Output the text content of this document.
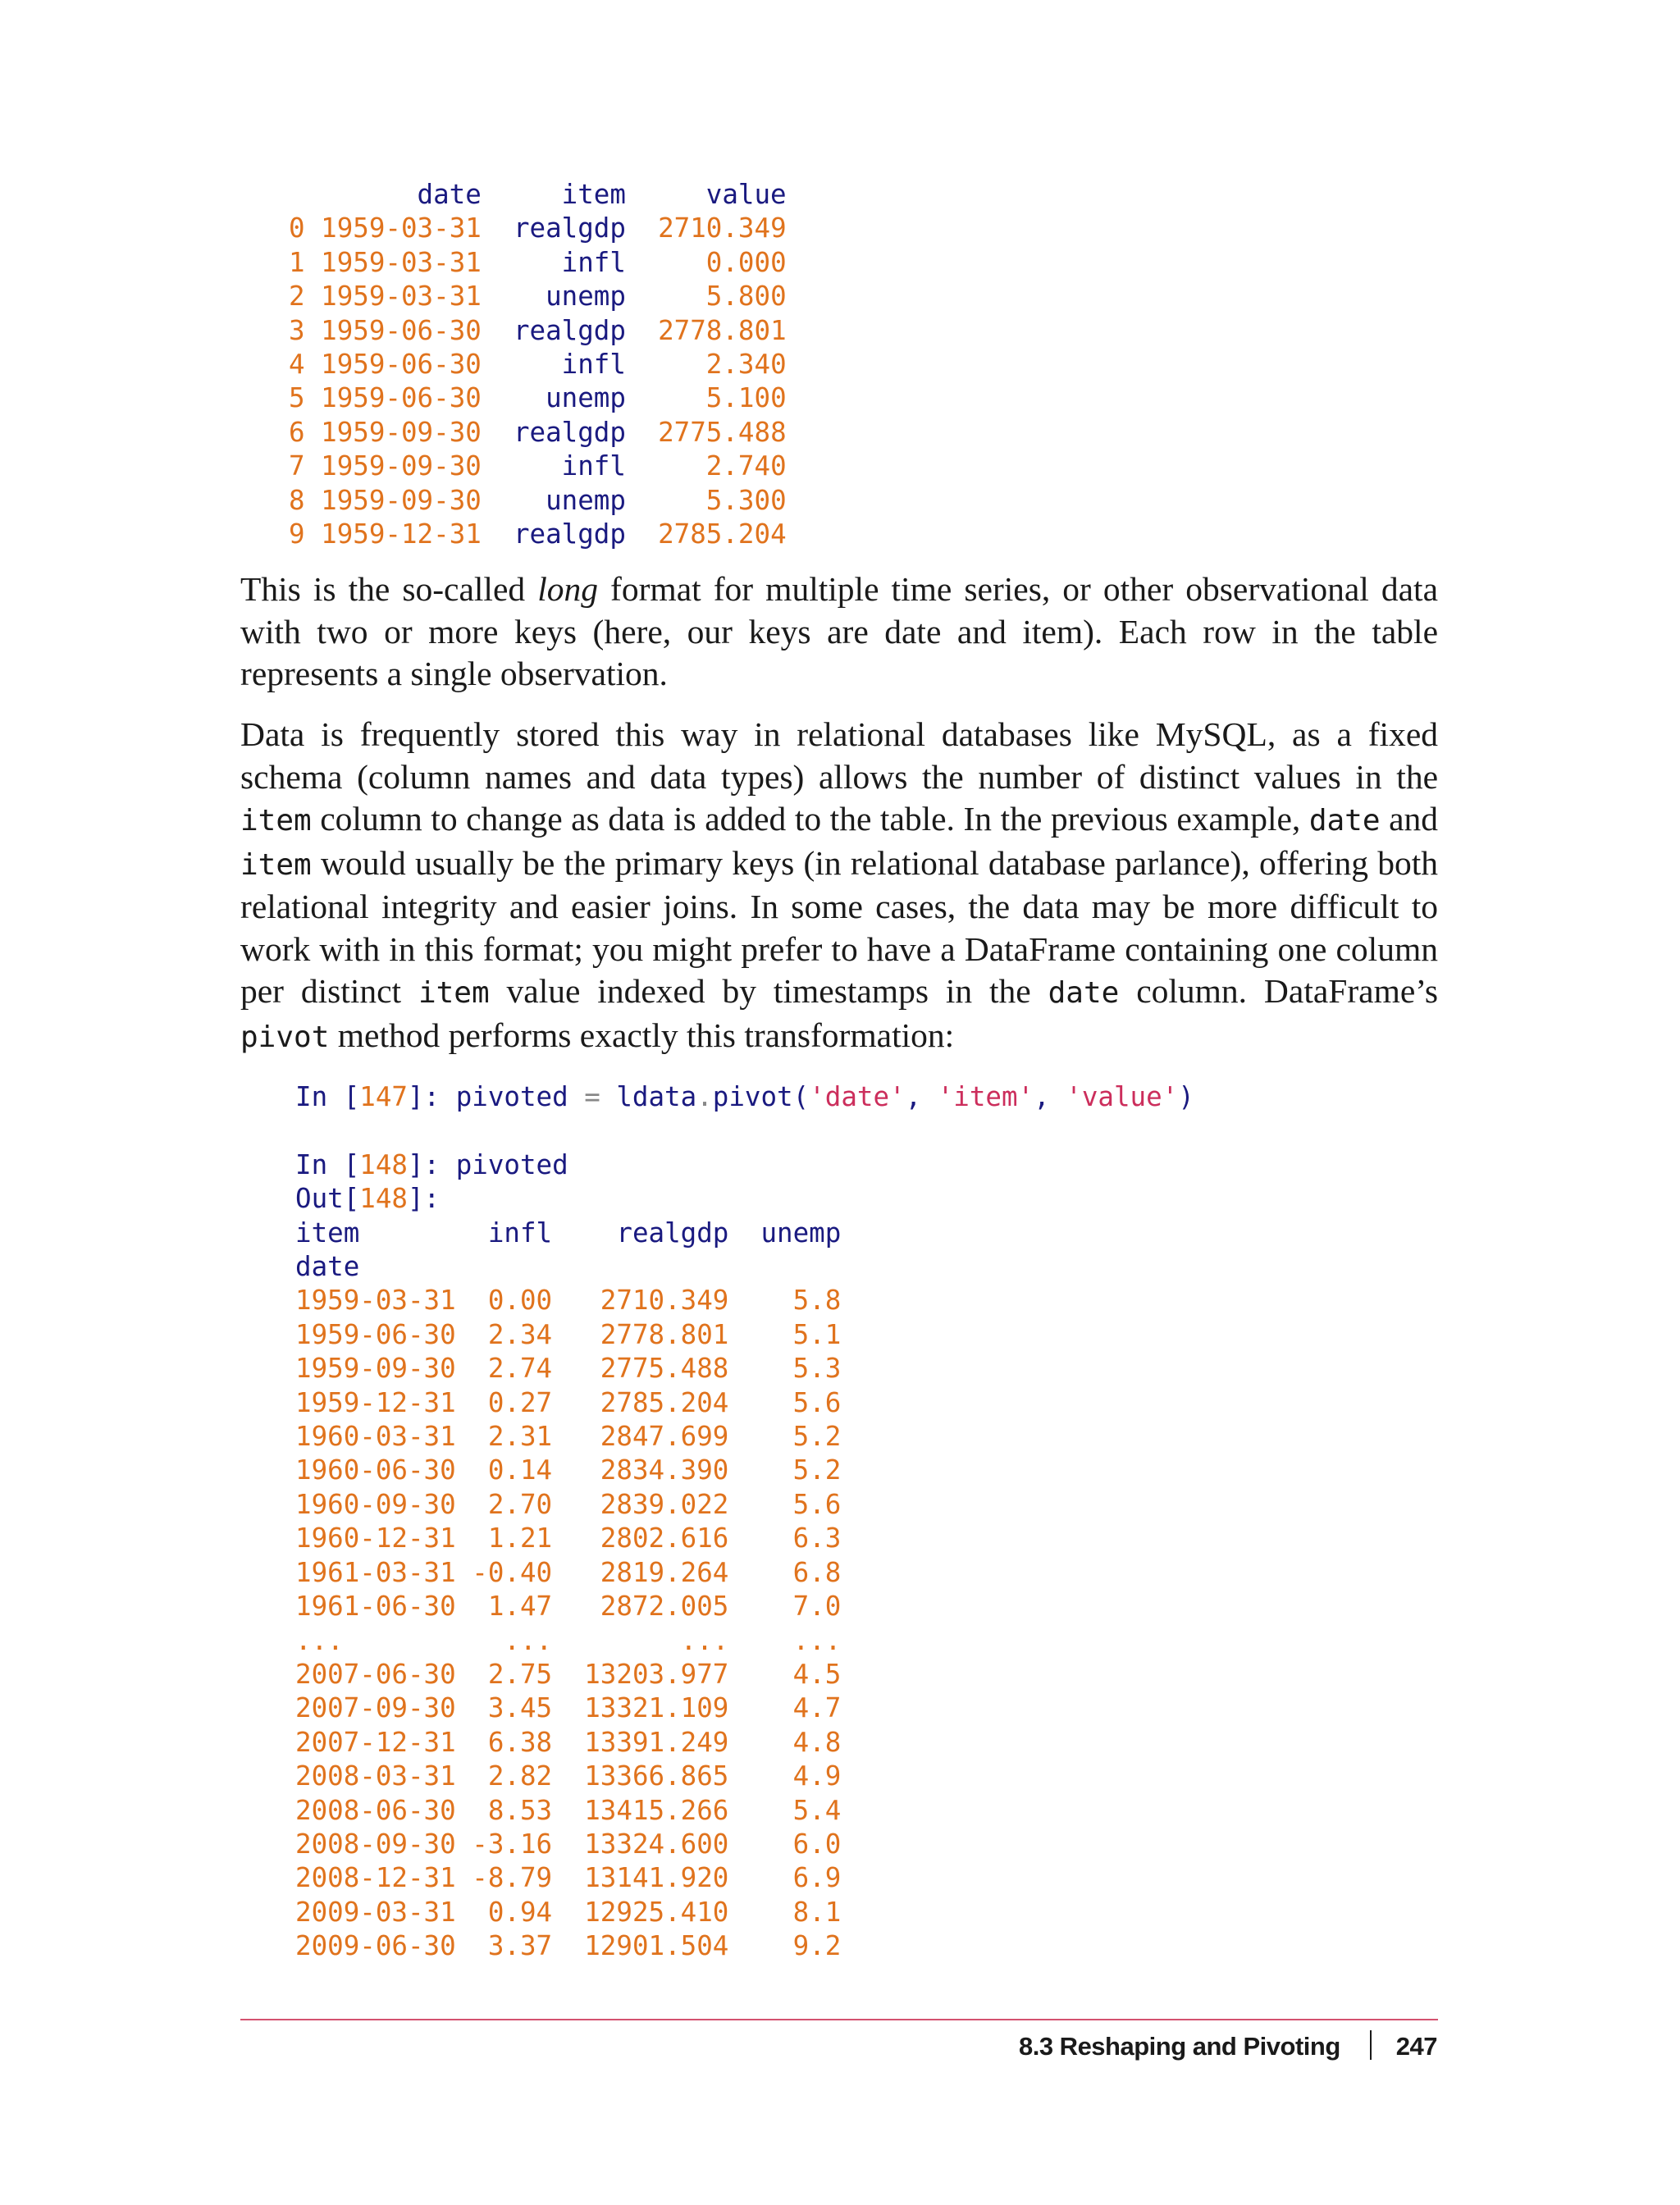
date     item     value
0 1959-03-31  realgdp  2710.349
1 1959-03-31     infl     0.000
2 1959-03-31    unemp     5.800
3 1959-06-30  realgdp  2778.801
4 1959-06-30     infl     2.340
5 1959-06-30    unemp     5.100
6 1959-09-30  realgdp  2775.488
7 1959-09-30     infl     2.740
8 1959-09-30    unemp     5.300
9 1959-12-31  realgdp  2785.204

This is the so-called long format for multiple time series, or other observational data with two or more keys (here, our keys are date and item). Each row in the table represents a single observation.

Data is frequently stored this way in relational databases like MySQL, as a fixed schema (column names and data types) allows the number of distinct values in the item column to change as data is added to the table. In the previous example, date and item would usually be the primary keys (in relational database parlance), offering both relational integrity and easier joins. In some cases, the data may be more difficult to work with in this format; you might prefer to have a DataFrame containing one column per distinct item value indexed by timestamps in the date column. DataFrame’s pivot method performs exactly this transformation:

In [147]: pivoted = ldata.pivot('date', 'item', 'value')

In [148]: pivoted
Out[148]:
item        infl    realgdp unemp
date
1959-03-31  0.00   2710.349    5.8
1959-06-30  2.34   2778.801    5.1
1959-09-30  2.74   2775.488    5.3
1959-12-31  0.27   2785.204    5.6
1960-03-31  2.31   2847.699    5.2
1960-06-30  0.14   2834.390    5.2
1960-09-30  2.70   2839.022    5.6
1960-12-31  1.21   2802.616    6.3
1961-03-31 -0.40   2819.264    6.8
1961-06-30  1.47   2872.005    7.0
...          ...        ...    ...
2007-06-30  2.75  13203.977    4.5
2007-09-30  3.45  13321.109    4.7
2007-12-31  6.38  13391.249    4.8
2008-03-31  2.82  13366.865    4.9
2008-06-30  8.53  13415.266    5.4
2008-09-30 -3.16  13324.600    6.0
2008-12-31 -8.79  13141.920    6.9
2009-03-31  0.94  12925.410    8.1
2009-06-30  3.37  12901.504    9.2
8.3 Reshaping and Pivoting 247
